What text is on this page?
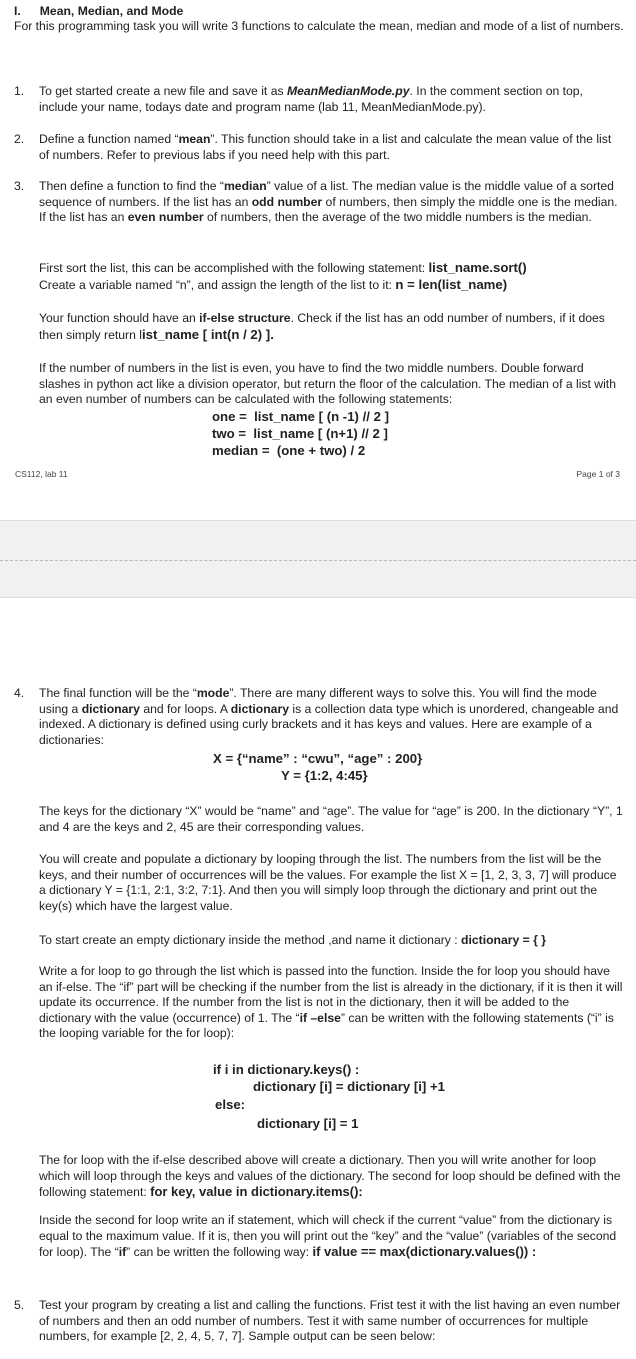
I. Mean, Median, and Mode
For this programming task you will write 3 functions to calculate the mean, median and mode of a list of numbers.
1. To get started create a new file and save it as MeanMedianMode.py. In the comment section on top, include your name, todays date and program name (lab 11, MeanMedianMode.py).
2. Define a function named “mean”. This function should take in a list and calculate the mean value of the list of numbers. Refer to previous labs if you need help with this part.
3. Then define a function to find the “median” value of a list. The median value is the middle value of a sorted sequence of numbers. If the list has an odd number of numbers, then simply the middle one is the median. If the list has an even number of numbers, then the average of the two middle numbers is the median.
First sort the list, this can be accomplished with the following statement: list_name.sort()
Create a variable named “n”, and assign the length of the list to it: n = len(list_name)
Your function should have an if-else structure. Check if the list has an odd number of numbers, if it does then simply return list_name [ int(n / 2) ].
If the number of numbers in the list is even, you have to find the two middle numbers. Double forward slashes in python act like a division operator, but return the floor of the calculation. The median of a list with an even number of numbers can be calculated with the following statements:
one =  list_name [ (n -1) // 2 ]
two =  list_name [ (n+1) // 2 ]
median =  (one + two) / 2
CS112, lab 11	Page 1 of 3
4. The final function will be the “mode”. There are many different ways to solve this. You will find the mode using a dictionary and for loops. A dictionary is a collection data type which is unordered, changeable and indexed. A dictionary is defined using curly brackets and it has keys and values. Here are example of a dictionaries:
X = {“name” : “cwu”, “age” : 200}
Y = {1:2, 4:45}
The keys for the dictionary “X” would be “name” and “age”. The value for “age” is 200. In the dictionary “Y”, 1 and 4 are the keys and 2, 45 are their corresponding values.
You will create and populate a dictionary by looping through the list. The numbers from the list will be the keys, and their number of occurrences will be the values. For example the list X = [1, 2, 3, 3, 7] will produce a dictionary Y = {1:1, 2:1, 3:2, 7:1}. And then you will simply loop through the dictionary and print out the key(s) which have the largest value.
To start create an empty dictionary inside the method ,and name it dictionary : dictionary = { }
Write a for loop to go through the list which is passed into the function. Inside the for loop you should have an if-else. The “if” part will be checking if the number from the list is already in the dictionary, if it is then it will update its occurrence. If the number from the list is not in the dictionary, then it will be added to the dictionary with the value (occurrence) of 1. The “if –else” can be written with the following statements (“i” is the looping variable for the for loop):
if i in dictionary.keys() :
dictionary [i] = dictionary [i] +1
else:
dictionary [i] = 1
The for loop with the if-else described above will create a dictionary. Then you will write another for loop which will loop through the keys and values of the dictionary. The second for loop should be defined with the following statement: for key, value in dictionary.items():
Inside the second for loop write an if statement, which will check if the current “value” from the dictionary is equal to the maximum value. If it is, then you will print out the “key” and the “value” (variables of the second for loop). The “if” can be written the following way: if value == max(dictionary.values()) :
5. Test your program by creating a list and calling the functions. Frist test it with the list having an even number of numbers and then an odd number of numbers. Test it with same number of occurrences for multiple numbers, for example [2, 2, 4, 5, 7, 7]. Sample output can be seen below:
